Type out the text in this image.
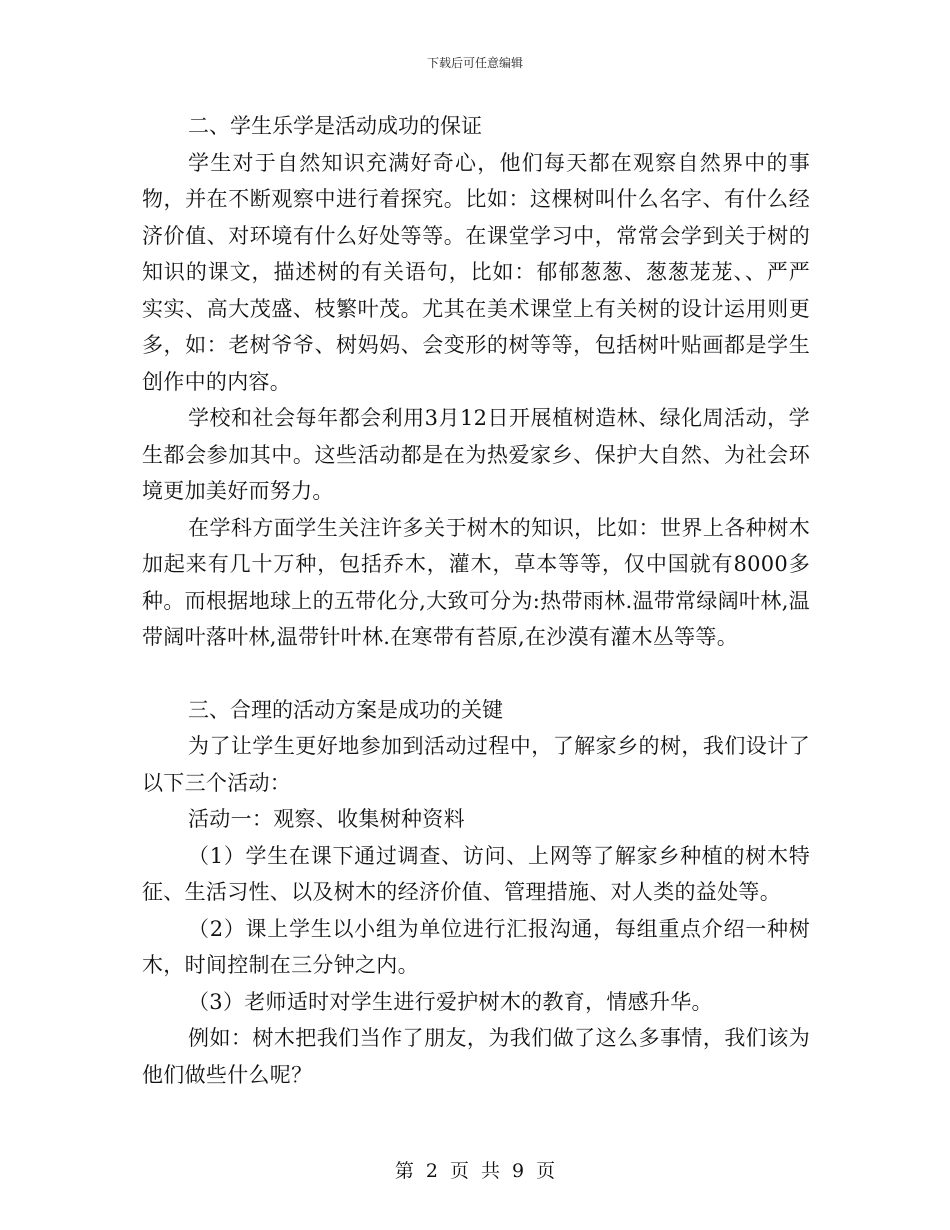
下载后可任意编辑

二、学生乐学是活动成功的保证

学生对于自然知识充满好奇心，他们每天都在观察自然界中的事物，并在不断观察中进行着探究。比如：这棵树叫什么名字、有什么经济价值、对环境有什么好处等等。在课堂学习中，常常会学到关于树的知识的课文，描述树的有关语句，比如：郁郁葱葱、葱葱茏茏、、严严实实、高大茂盛、枝繁叶茂。尤其在美术课堂上有关树的设计运用则更多，如：老树爷爷、树妈妈、会变形的树等等，包括树叶贴画都是学生创作中的内容。

学校和社会每年都会利用3月12日开展植树造林、绿化周活动，学生都会参加其中。这些活动都是在为热爱家乡、保护大自然、为社会环境更加美好而努力。

在学科方面学生关注许多关于树木的知识，比如：世界上各种树木加起来有几十万种，包括乔木，灌木，草本等等，仅中国就有8000多种。而根据地球上的五带化分,大致可分为:热带雨林.温带常绿阔叶林,温带阔叶落叶林,温带针叶林.在寒带有苔原,在沙漠有灌木丛等等。

三、合理的活动方案是成功的关键

为了让学生更好地参加到活动过程中，了解家乡的树，我们设计了以下三个活动：

活动一：观察、收集树种资料

（1）学生在课下通过调查、访问、上网等了解家乡种植的树木特征、生活习性、以及树木的经济价值、管理措施、对人类的益处等。

（2）课上学生以小组为单位进行汇报沟通，每组重点介绍一种树木，时间控制在三分钟之内。

（3）老师适时对学生进行爱护树木的教育，情感升华。

例如：树木把我们当作了朋友，为我们做了这么多事情，我们该为他们做些什么呢？

第 2 页 共 9 页
